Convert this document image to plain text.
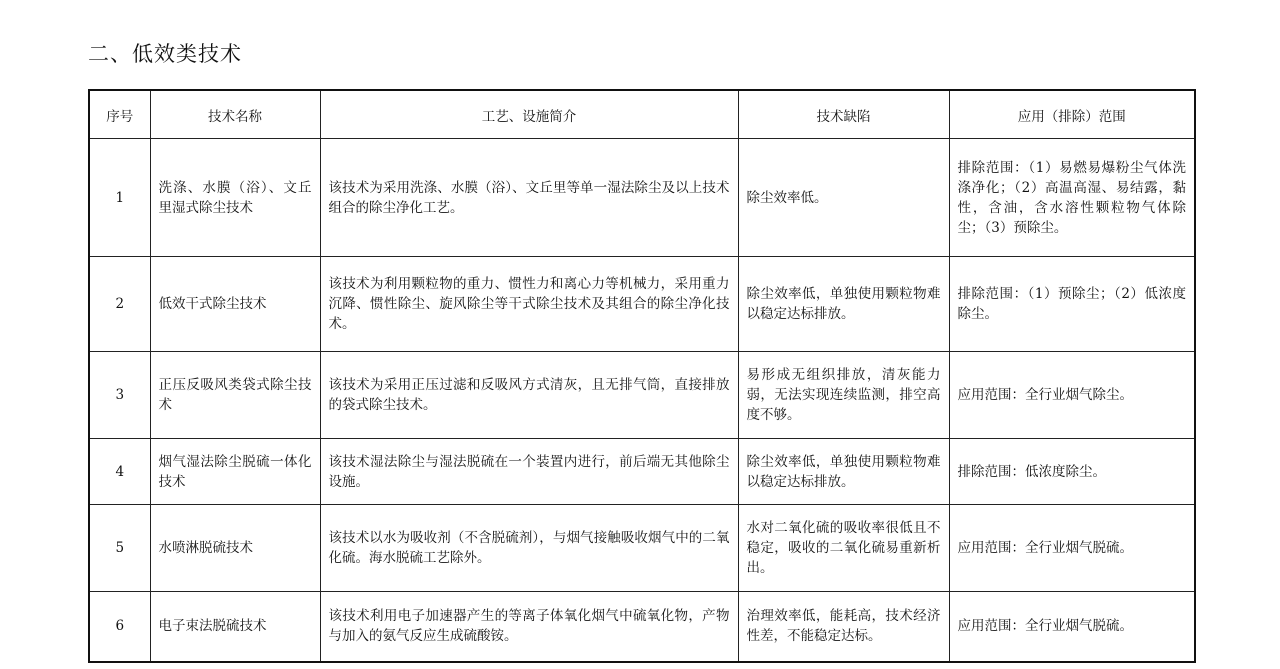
二、低效类技术
序号	技术名称	工艺、设施简介	技术缺陷	应用（排除）范围
1	洗涤、水膜（浴）、文丘里湿式除尘技术	该技术为采用洗涤、水膜（浴）、文丘里等单一湿法除尘及以上技术组合的除尘净化工艺。	除尘效率低。	排除范围：（1）易燃易爆粉尘气体洗涤净化；（2）高温高湿、易结露，黏性，含油，含水溶性颗粒物气体除尘；（3）预除尘。

2	低效干式除尘技术	该技术为利用颗粒物的重力、惯性力和离心力等机械力，采用重力沉降、惯性除尘、旋风除尘等干式除尘技术及其组合的除尘净化技术。	除尘效率低，单独使用颗粒物难以稳定达标排放。	排除范围：（1）预除尘；（2）低浓度除尘。

3	正压反吸风类袋式除尘技术	该技术为采用正压过滤和反吸风方式清灰，且无排气筒，直接排放的袋式除尘技术。	易形成无组织排放，清灰能力弱，无法实现连续监测，排空高度不够。	应用范围：全行业烟气除尘。

4	烟气湿法除尘脱硫一体化技术	该技术湿法除尘与湿法脱硫在一个装置内进行，前后端无其他除尘设施。	除尘效率低，单独使用颗粒物难以稳定达标排放。	排除范围：低浓度除尘。

5	水喷淋脱硫技术	该技术以水为吸收剂（不含脱硫剂），与烟气接触吸收烟气中的二氧化硫。海水脱硫工艺除外。	水对二氧化硫的吸收率很低且不稳定，吸收的二氧化硫易重新析出。	应用范围：全行业烟气脱硫。

6	电子束法脱硫技术	该技术利用电子加速器产生的等离子体氧化烟气中硫氧化物，产物与加入的氨气反应生成硫酸铵。	治理效率低，能耗高，技术经济性差，不能稳定达标。	应用范围：全行业烟气脱硫。
